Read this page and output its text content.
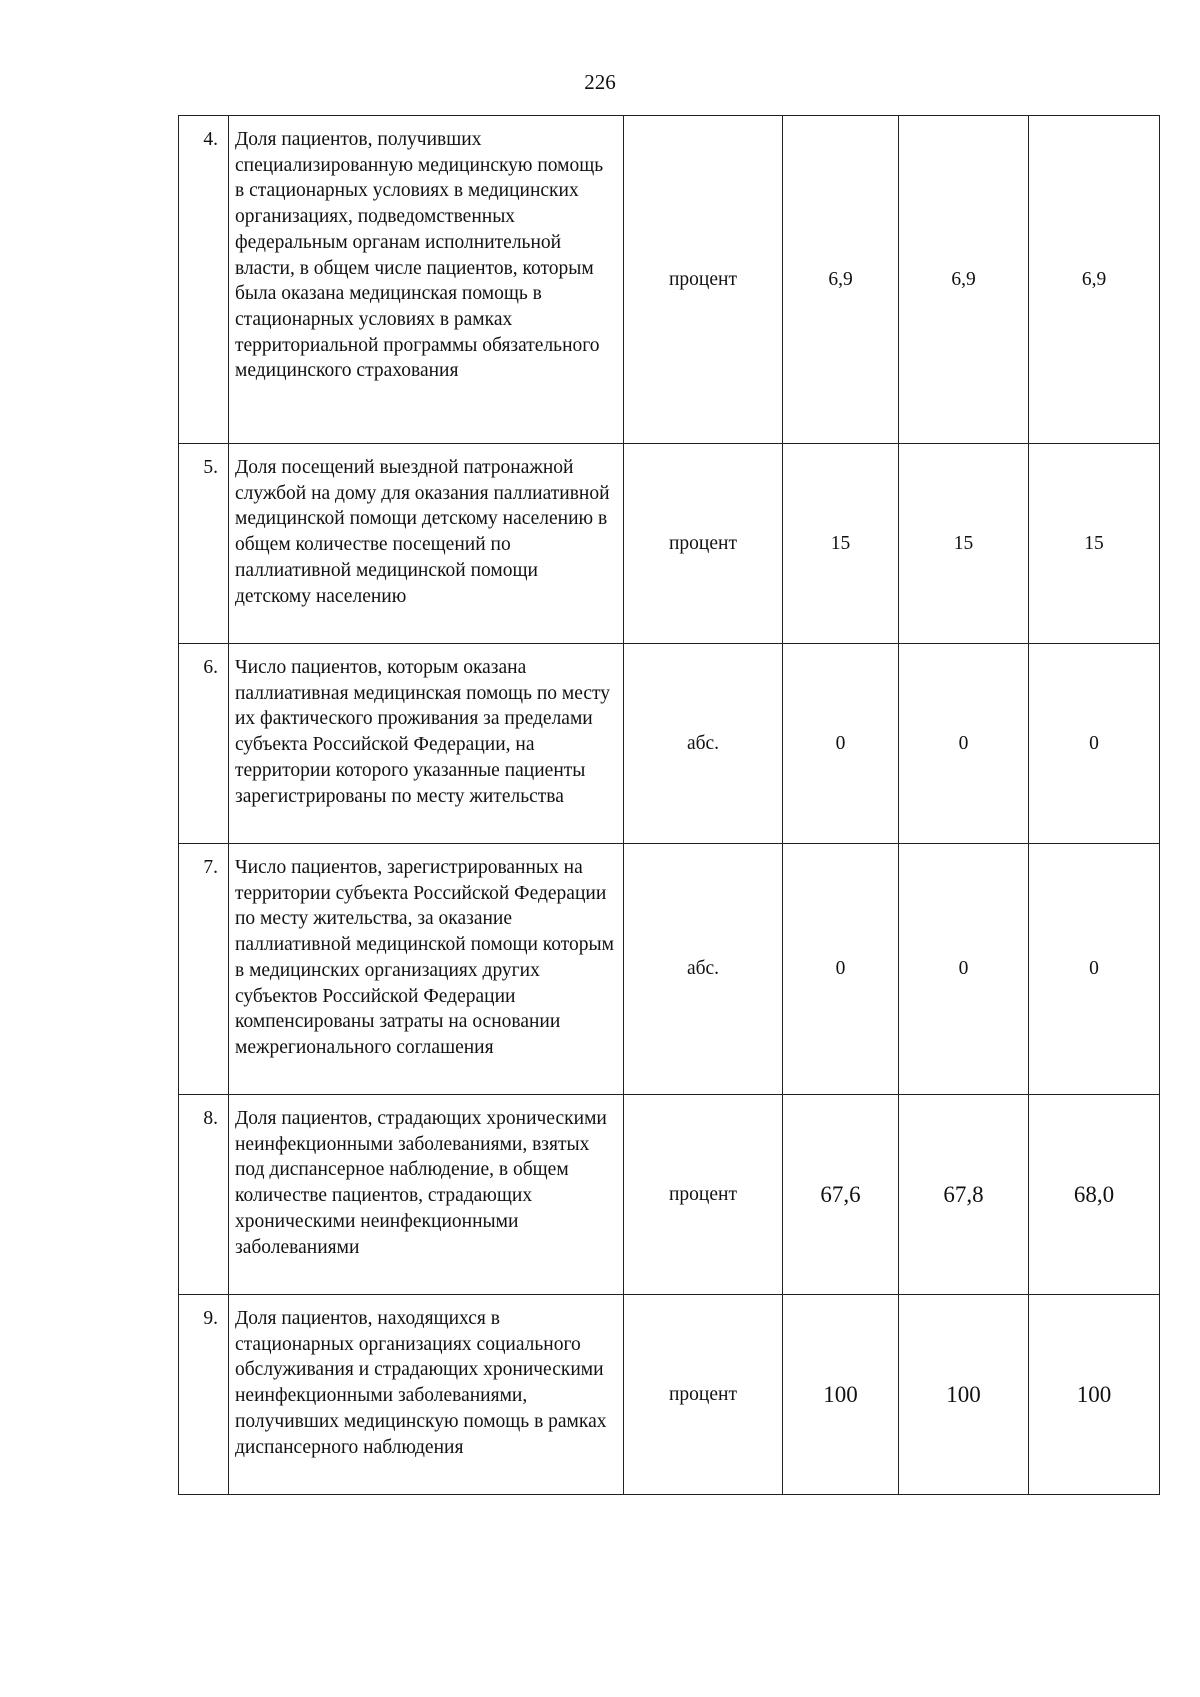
226
4.	Доля пациентов, получивших специализированную медицинскую помощь в стационарных условиях в медицинских организациях, подведомственных федеральным органам исполнительной власти, в общем числе пациентов, которым была оказана медицинская помощь в стационарных условиях в рамках территориальной программы обязательного медицинского страхования	процент	6,9	6,9	6,9
5.	Доля посещений выездной патронажной службой на дому для оказания паллиативной медицинской помощи детскому населению в общем количестве посещений по паллиативной медицинской помощи детскому населению	процент	15	15	15
6.	Число пациентов, которым оказана паллиативная медицинская помощь по месту их фактического проживания за пределами субъекта Российской Федерации, на территории которого указанные пациенты зарегистрированы по месту жительства	абс.	0	0	0
7.	Число пациентов, зарегистрированных на территории субъекта Российской Федерации по месту жительства, за оказание паллиативной медицинской помощи которым в медицинских организациях других субъектов Российской Федерации компенсированы затраты на основании межрегионального соглашения	абс.	0	0	0
8.	Доля пациентов, страдающих хроническими неинфекционными заболеваниями, взятых под диспансерное наблюдение, в общем количестве пациентов, страдающих хроническими неинфекционными заболеваниями	процент	67,6	67,8	68,0
9.	Доля пациентов, находящихся в стационарных организациях социального обслуживания и страдающих хроническими неинфекционными заболеваниями, получивших медицинскую помощь в рамках диспансерного наблюдения	процент	100	100	100
